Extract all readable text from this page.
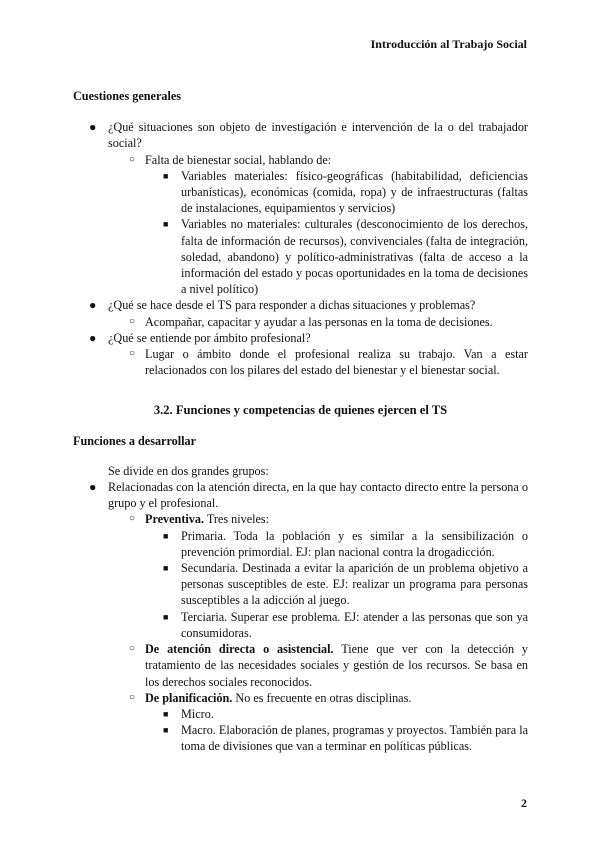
Introducción al Trabajo Social

Cuestiones generales

● ¿Qué situaciones son objeto de investigación e intervención de la o del trabajador social?
○ Falta de bienestar social, hablando de:
■ Variables materiales: físico-geográficas (habitabilidad, deficiencias urbanísticas), económicas (comida, ropa) y de infraestructuras (faltas de instalaciones, equipamientos y servicios)
■ Variables no materiales: culturales (desconocimiento de los derechos, falta de información de recursos), convivenciales (falta de integración, soledad, abandono) y político-administrativas (falta de acceso a la información del estado y pocas oportunidades en la toma de decisiones a nivel político)
● ¿Qué se hace desde el TS para responder a dichas situaciones y problemas?
○ Acompañar, capacitar y ayudar a las personas en la toma de decisiones.
● ¿Qué se entiende por ámbito profesional?
○ Lugar o ámbito donde el profesional realiza su trabajo. Van a estar relacionados con los pilares del estado del bienestar y el bienestar social.

3.2. Funciones y competencias de quienes ejercen el TS

Funciones a desarrollar

Se divide en dos grandes grupos:
● Relacionadas con la atención directa, en la que hay contacto directo entre la persona o grupo y el profesional.
○ Preventiva. Tres niveles:
■ Primaria. Toda la población y es similar a la sensibilización o prevención primordial. EJ: plan nacional contra la drogadicción.
■ Secundaria. Destinada a evitar la aparición de un problema objetivo a personas susceptibles de este. EJ: realizar un programa para personas susceptibles a la adicción al juego.
■ Terciaria. Superar ese problema. EJ: atender a las personas que son ya consumidoras.
○ De atención directa o asistencial. Tiene que ver con la detección y tratamiento de las necesidades sociales y gestión de los recursos. Se basa en los derechos sociales reconocidos.
○ De planificación. No es frecuente en otras disciplinas.
■ Micro.
■ Macro. Elaboración de planes, programas y proyectos. También para la toma de divisiones que van a terminar en políticas públicas.
2
